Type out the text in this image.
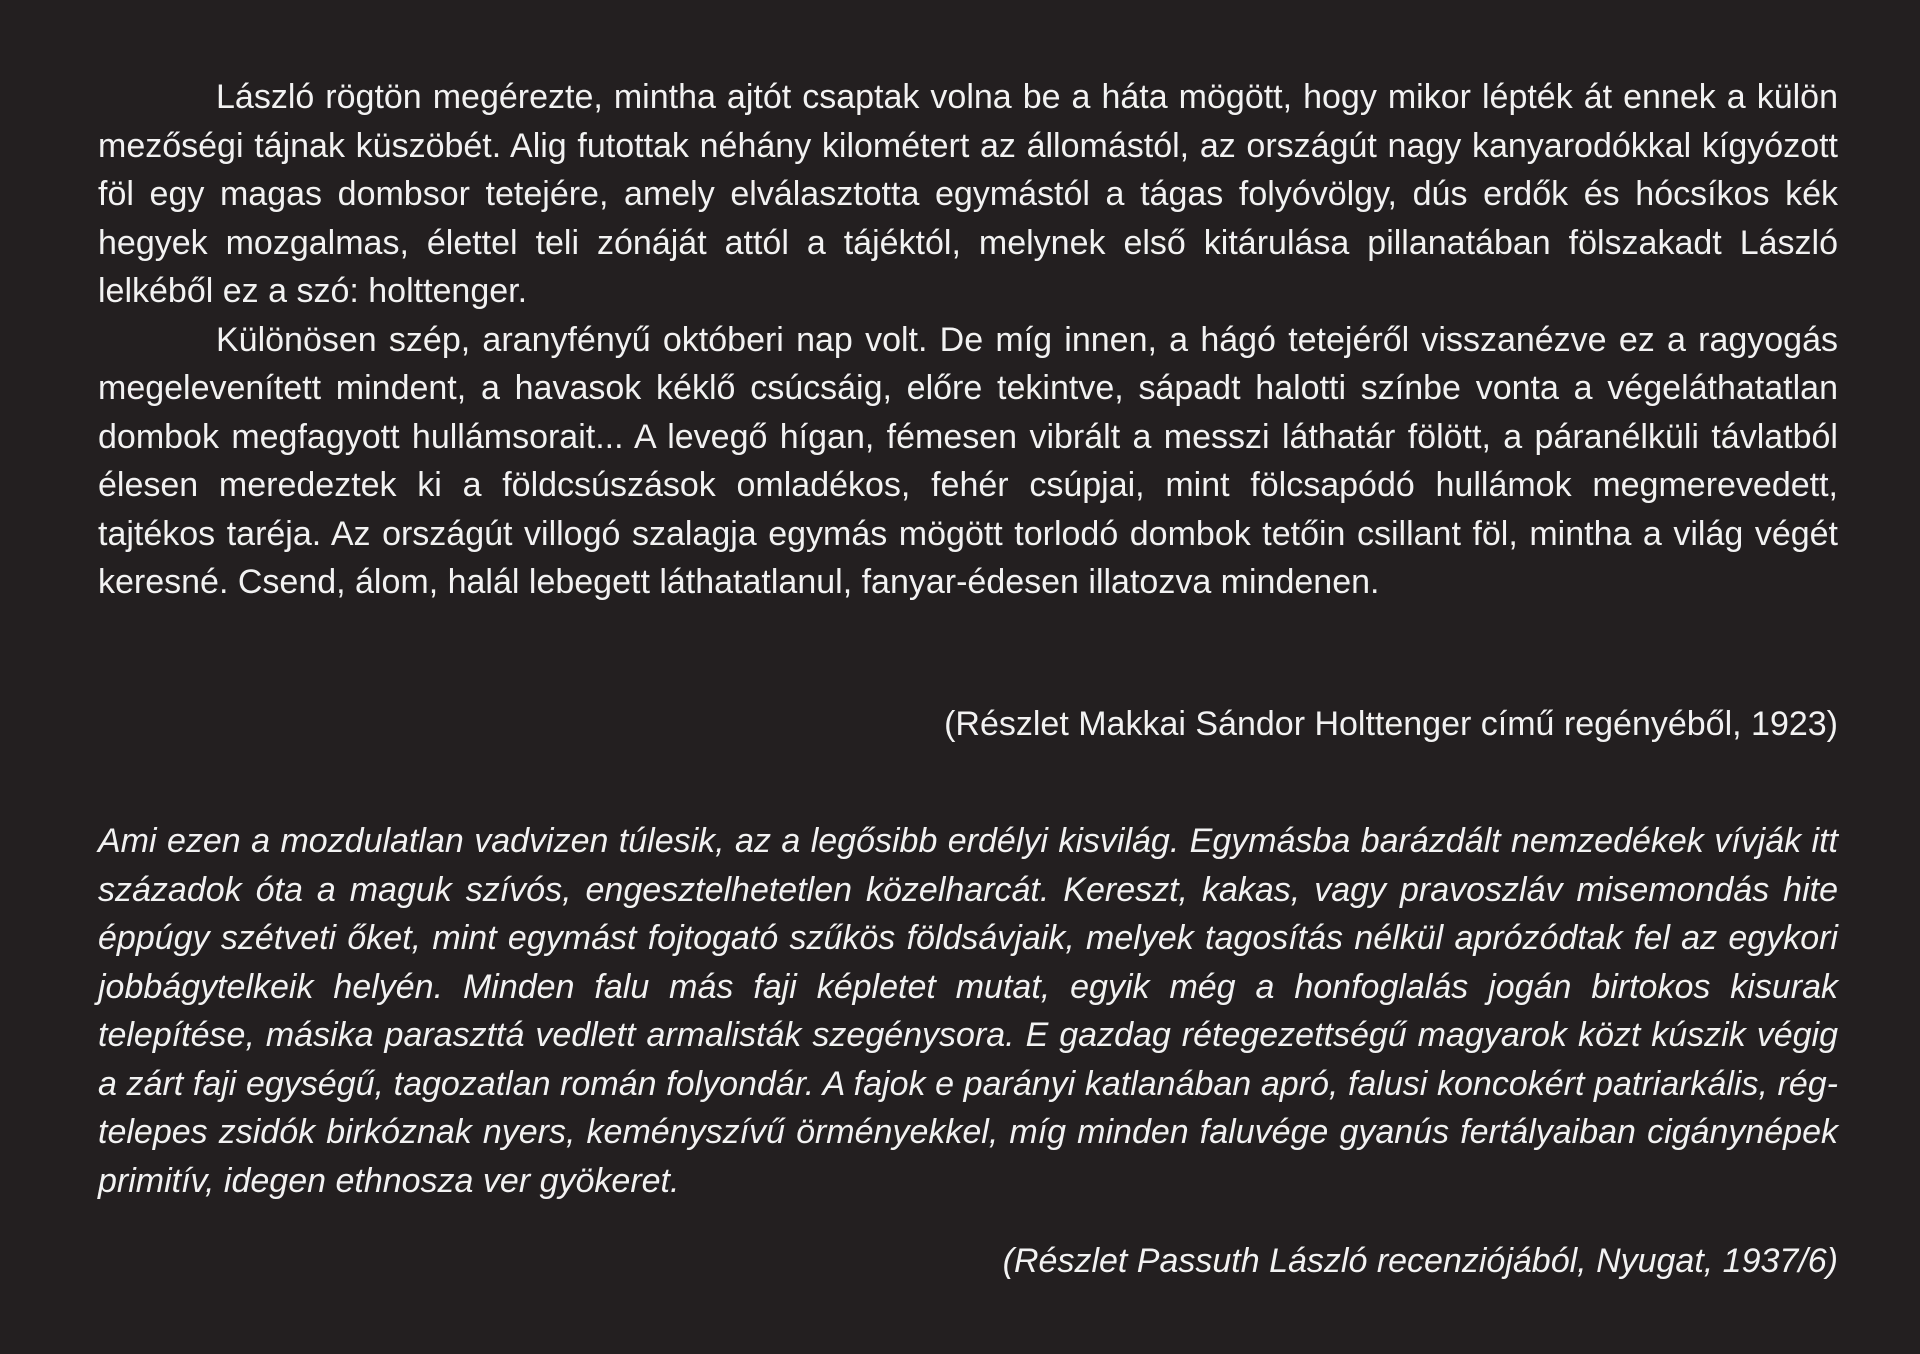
László rögtön megérezte, mintha ajtót csaptak volna be a háta mögött, hogy mikor lépték át ennek a külön mezőségi tájnak küszöbét. Alig futottak néhány kilométert az állomástól, az országút nagy kanyarodókkal kígyózott föl egy magas dombsor tetejére, amely elválasztotta egymástól a tágas folyóvölgy, dús erdők és hócsíkos kék hegyek mozgalmas, élettel teli zónáját attól a tájéktól, melynek első kitárulása pillanatában fölszakadt László lelkéből ez a szó: holttenger.

Különösen szép, aranyfényű októberi nap volt. De míg innen, a hágó tetejéről visszanézve ez a ragyogás megelevenített mindent, a havasok kéklő csúcsáig, előre tekintve, sápadt halotti színbe vonta a végeláthatatlan dombok megfagyott hullámsorait... A levegő hígan, fémesen vibrált a messzi láthatár fölött, a páranélküli távlatból élesen meredeztek ki a földcsúszások omladékos, fehér csúpjai, mint fölcsapódó hullámok megmerevedett, tajtékos taréja. Az országút villogó szalagja egymás mögött torlodó dombok tetőin csillant föl, mintha a világ végét keresné. Csend, álom, halál lebegett láthatatlanul, fanyar-édesen illatozva mindenen.

(Részlet Makkai Sándor Holttenger című regényéből, 1923)

Ami ezen a mozdulatlan vadvizen túlesik, az a legősibb erdélyi kisvilág. Egymásba barázdált nemzedékek vívják itt századok óta a maguk szívós, engesztelhetetlen közelharcát. Kereszt, kakas, vagy pravoszláv misemondás hite éppúgy szétveti őket, mint egymást fojtogató szűkös földsávjaik, melyek tagosítás nélkül aprózódtak fel az egykori jobbágytelkeik helyén. Minden falu más faji képletet mutat, egyik még a honfoglalás jogán birtokos kisurak telepítése, másika paraszttá vedlett armalisták szegénysora. E gazdag rétegezettségű magyarok közt kúszik végig a zárt faji egységű, tagozatlan román folyondár. A fajok e parányi katlanában apró, falusi koncokért patriarkális, rég-telepes zsidók birkóznak nyers, keményszívű örményekkel, míg minden faluvége gyanús fertályaiban cigánynépek primitív, idegen ethnosza ver gyökeret.

(Részlet Passuth László recenziójából, Nyugat, 1937/6)
